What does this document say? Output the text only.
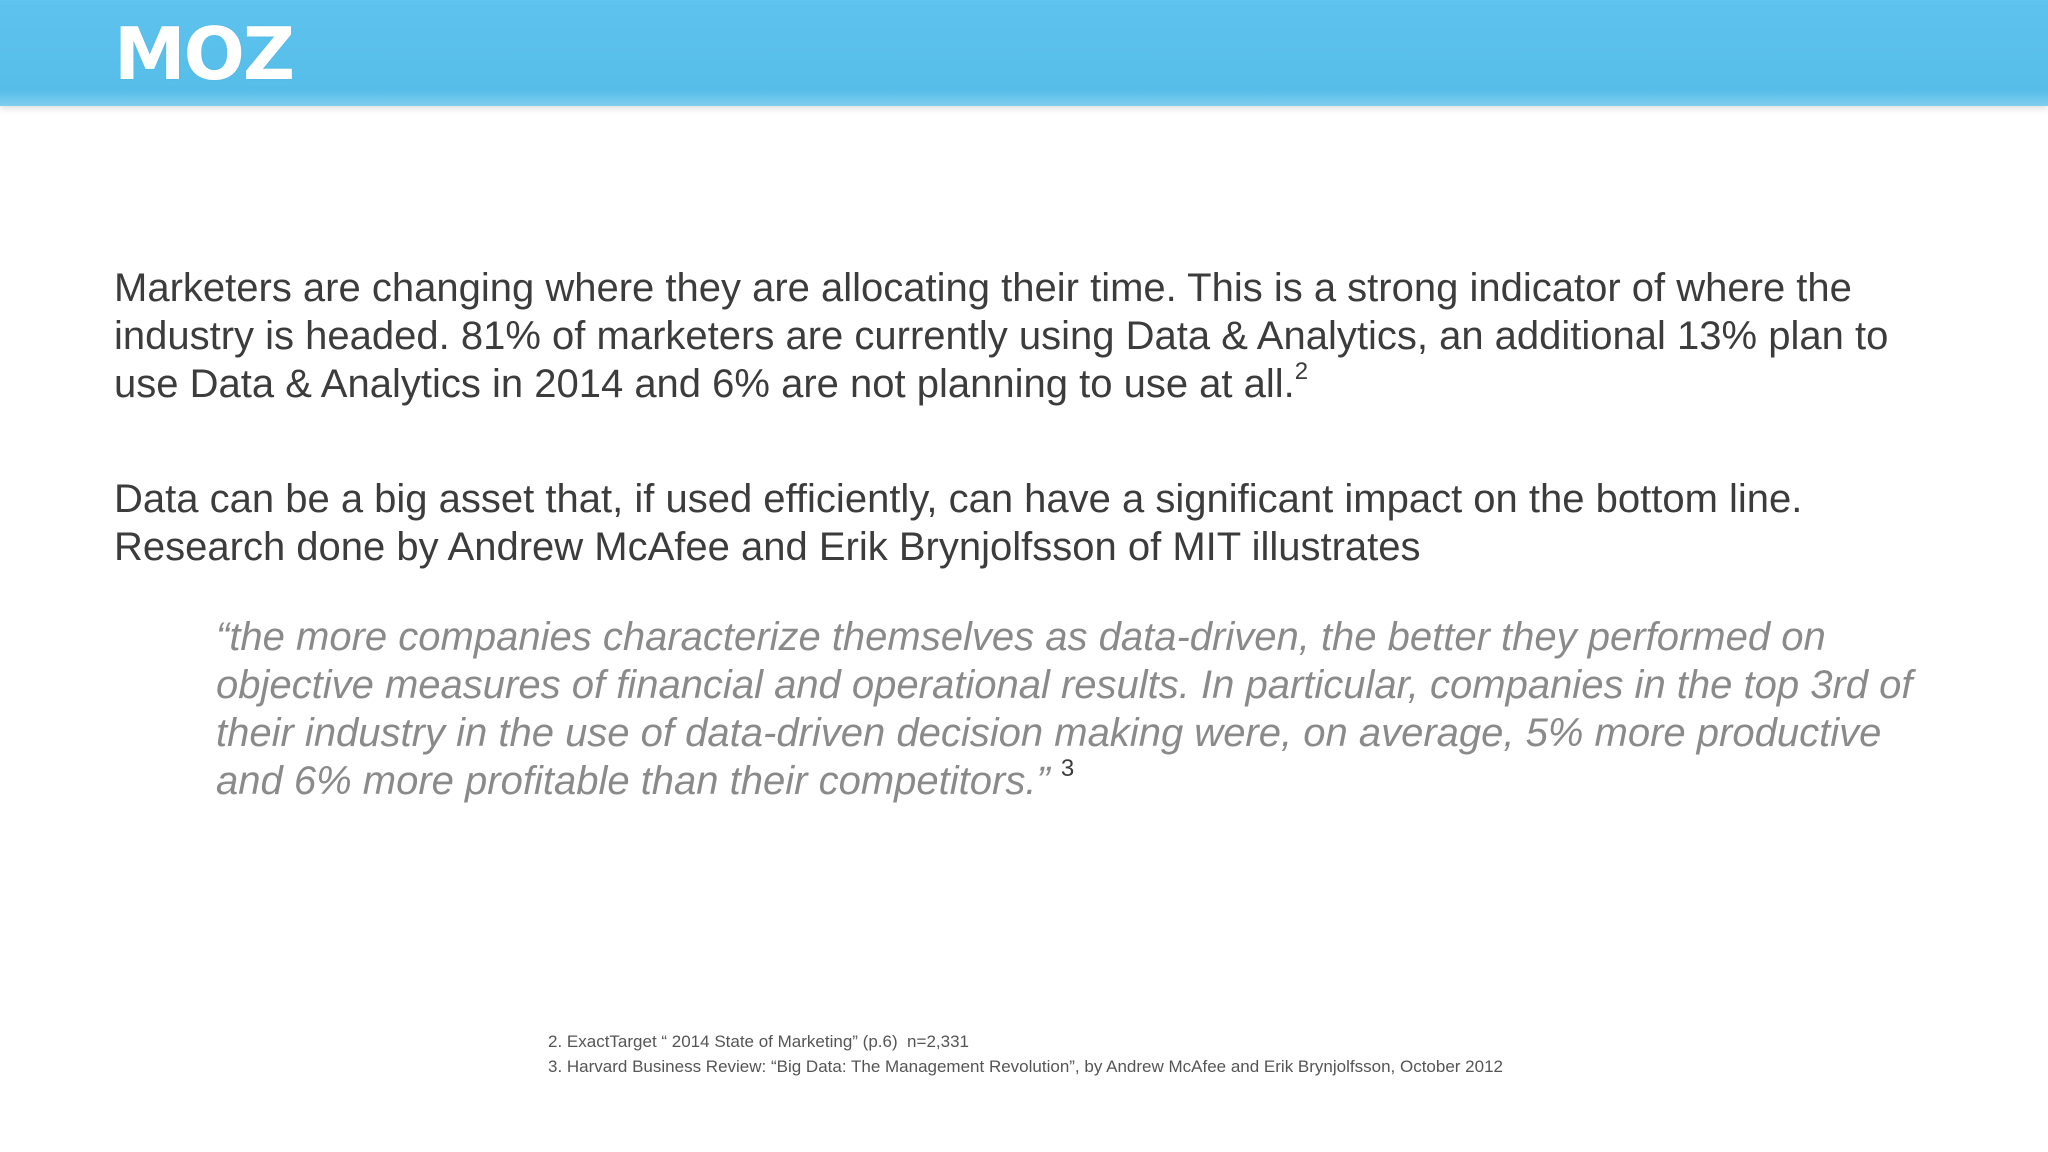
MOZ
Marketers are changing where they are allocating their time. This is a strong indicator of where the industry is headed. 81% of marketers are currently using Data & Analytics, an additional 13% plan to use Data & Analytics in 2014 and 6% are not planning to use at all.$^2$
Data can be a big asset that, if used efficiently, can have a significant impact on the bottom line. Research done by Andrew McAfee and Erik Brynjolfsson of MIT illustrates
“the more companies characterize themselves as data-driven, the better they performed on objective measures of financial and operational results. In particular, companies in the top 3rd of their industry in the use of data-driven decision making were, on average, 5% more productive and 6% more profitable than their competitors.” $^3$
2. ExactTarget “ 2014 State of Marketing” (p.6)  n=2,331
3. Harvard Business Review: “Big Data: The Management Revolution”, by Andrew McAfee and Erik Brynjolfsson, October 2012
